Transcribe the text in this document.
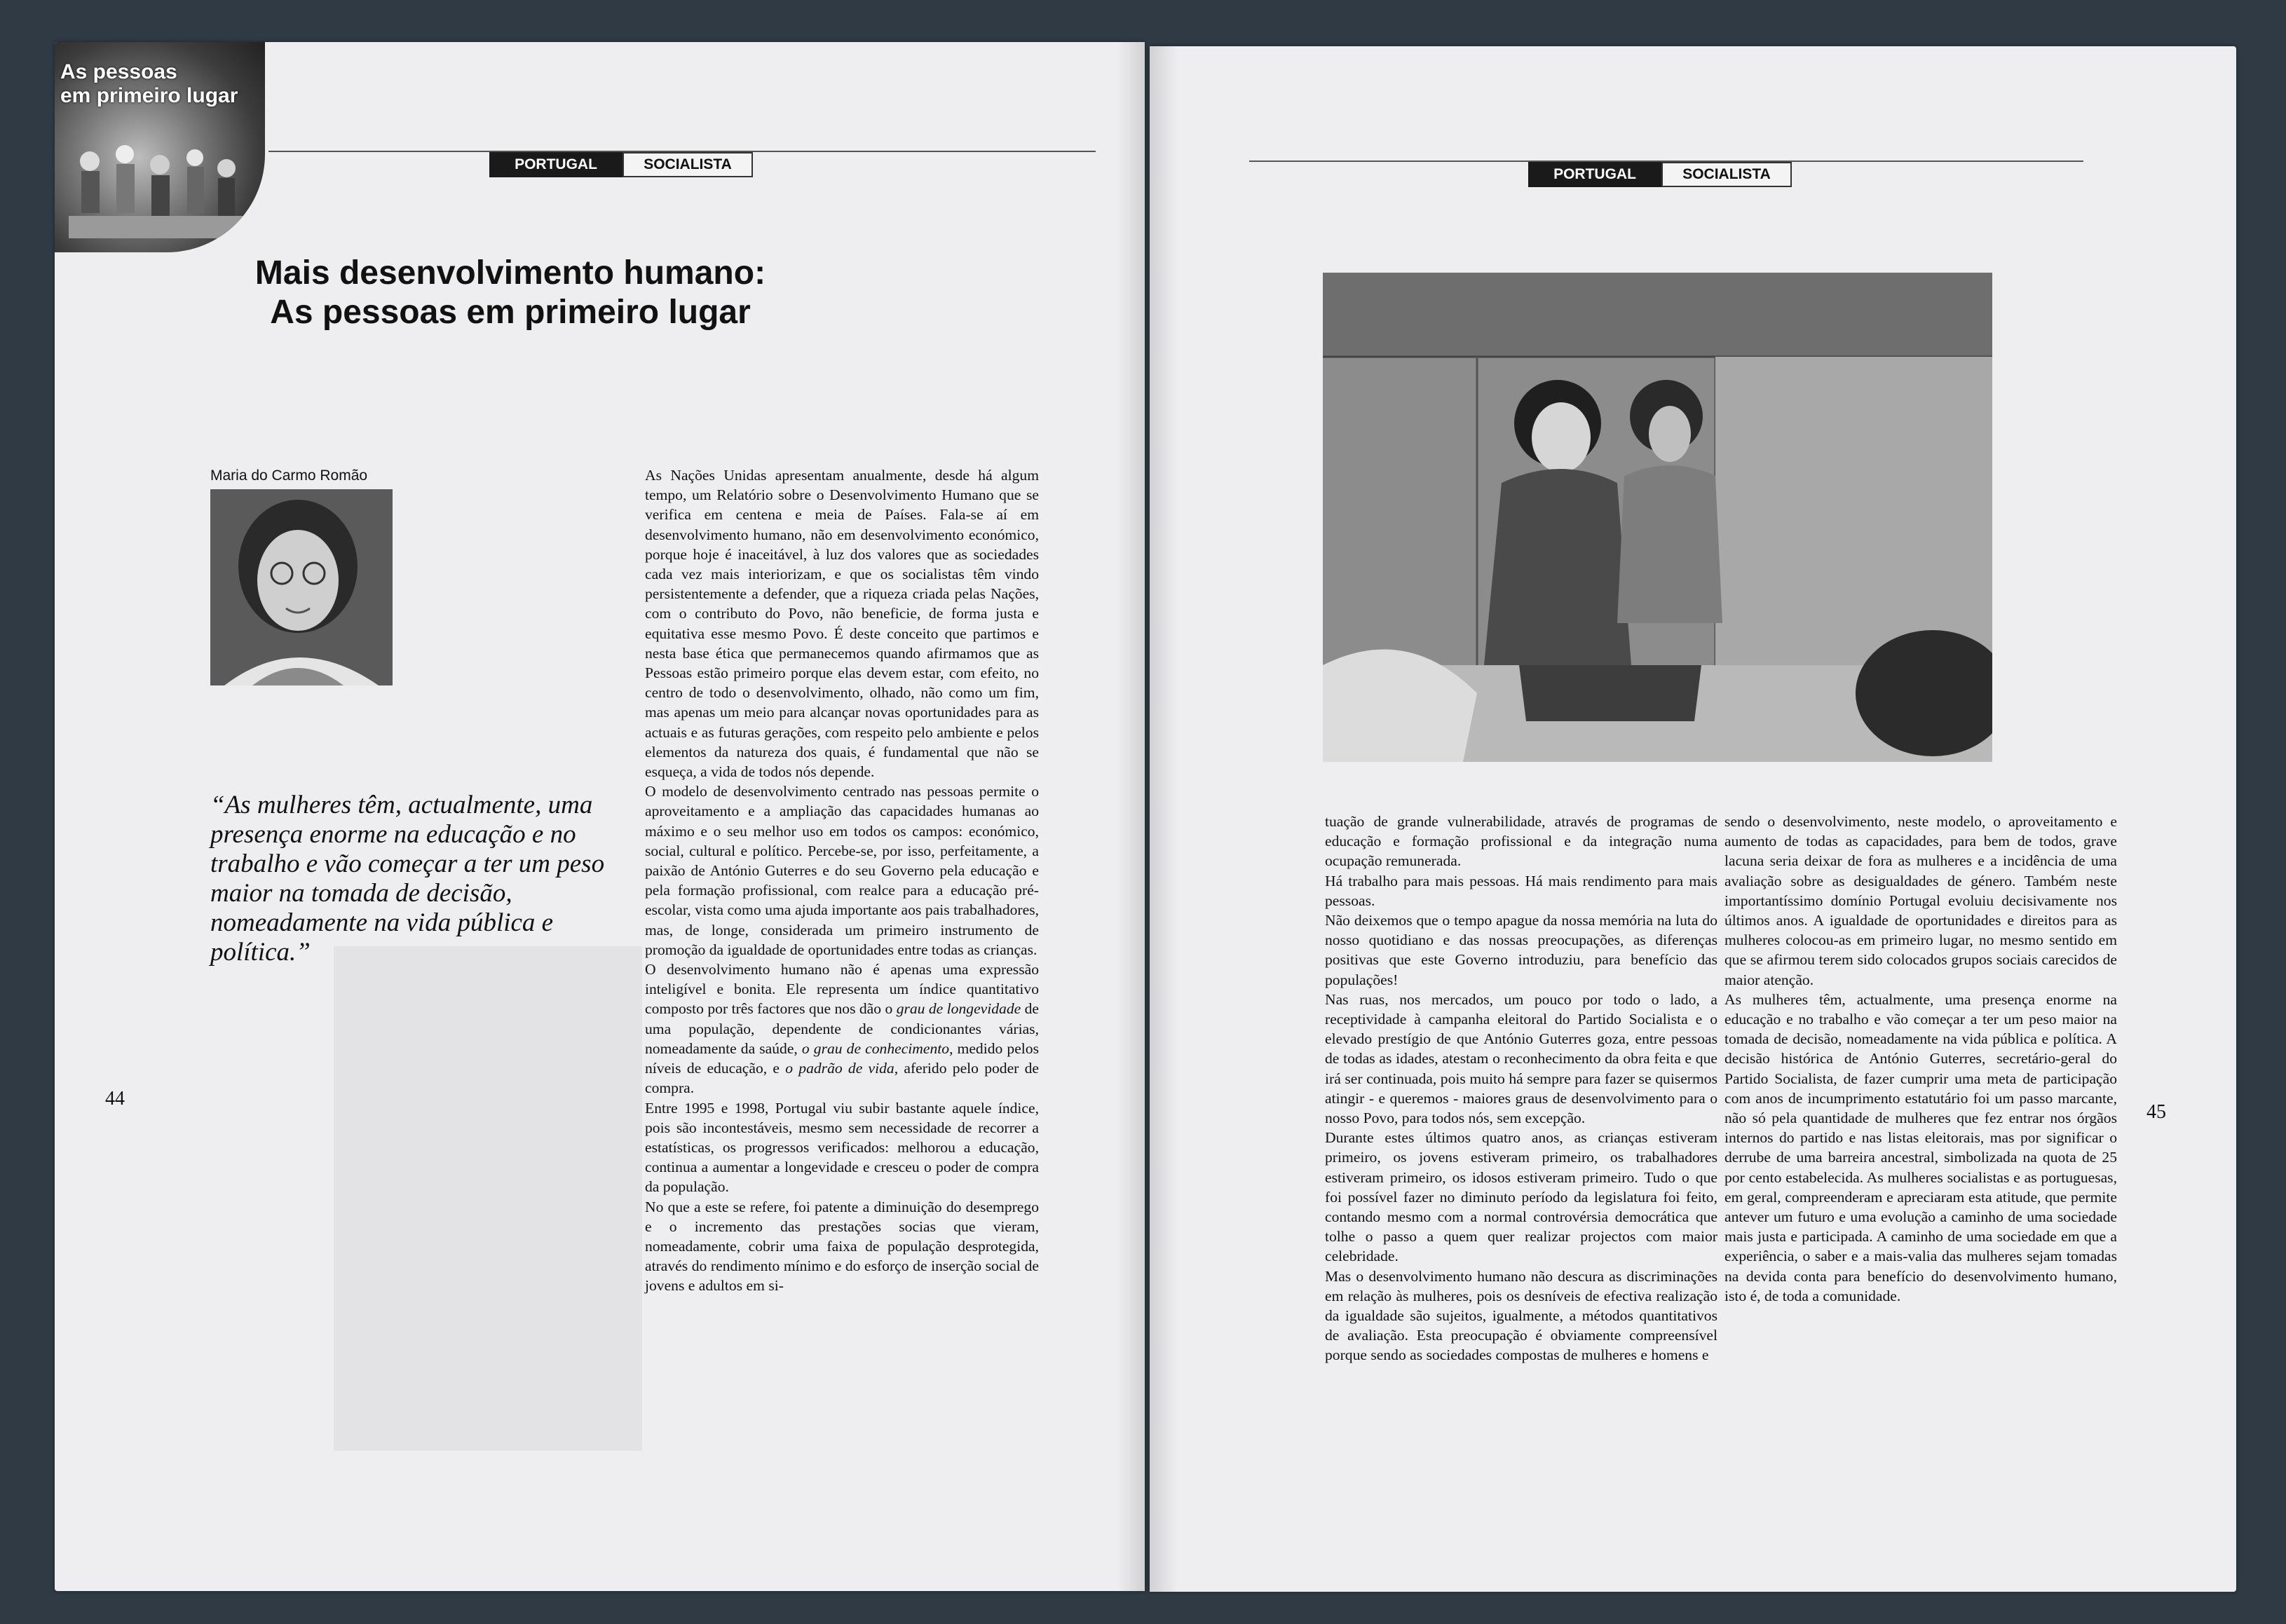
As pessoas
em primeiro lugar
PORTUGAL	SOCIALISTA
Mais desenvolvimento humano:
As pessoas em primeiro lugar
Maria do Carmo Romão
“As mulheres têm, actualmente, uma presença enorme na educação e no trabalho e vão começar a ter um peso maior na tomada de decisão, nomeadamente na vida pública e política.”

As Nações Unidas apresentam anualmente, desde há algum tempo, um Relatório sobre o Desenvolvimento Humano que se verifica em centena e meia de Países. Fala-se aí em desenvolvimento humano, não em desenvolvimento económico, porque hoje é inaceitável, à luz dos valores que as sociedades cada vez mais interiorizam, e que os socialistas têm vindo persistentemente a defender, que a riqueza criada pelas Nações, com o contributo do Povo, não beneficie, de forma justa e equitativa esse mesmo Povo. É deste conceito que partimos e nesta base ética que permanecemos quando afirmamos que as Pessoas estão primeiro porque elas devem estar, com efeito, no centro de todo o desenvolvimento, olhado, não como um fim, mas apenas um meio para alcançar novas oportunidades para as actuais e as futuras gerações, com respeito pelo ambiente e pelos elementos da natureza dos quais, é fundamental que não se esqueça, a vida de todos nós depende.

O modelo de desenvolvimento centrado nas pessoas permite o aproveitamento e a ampliação das capacidades humanas ao máximo e o seu melhor uso em todos os campos: económico, social, cultural e político. Percebe-se, por isso, perfeitamente, a paixão de António Guterres e do seu Governo pela educação e pela formação profissional, com realce para a educação pré-escolar, vista como uma ajuda importante aos pais trabalhadores, mas, de longe, considerada um primeiro instrumento de promoção da igualdade de oportunidades entre todas as crianças.

O desenvolvimento humano não é apenas uma expressão inteligível e bonita. Ele representa um índice quantitativo composto por três factores que nos dão o grau de longevidade de uma população, dependente de condicionantes várias, nomeadamente da saúde, o grau de conhecimento, medido pelos níveis de educação, e o padrão de vida, aferido pelo poder de compra.

Entre 1995 e 1998, Portugal viu subir bastante aquele índice, pois são incontestáveis, mesmo sem necessidade de recorrer a estatísticas, os progressos verificados: melhorou a educação, continua a aumentar a longevidade e cresceu o poder de compra da população.

No que a este se refere, foi patente a diminuição do desemprego e o incremento das prestações socias que vieram, nomeadamente, cobrir uma faixa de população desprotegida, através do rendimento mínimo e do esforço de inserção social de jovens e adultos em si-

44
PORTUGAL	SOCIALISTA

tuação de grande vulnerabilidade, através de programas de educação e formação profissional e da integração numa ocupação remunerada.

Há trabalho para mais pessoas. Há mais rendimento para mais pessoas.

Não deixemos que o tempo apague da nossa memória na luta do nosso quotidiano e das nossas preocupações, as diferenças positivas que este Governo introduziu, para benefício das populações!

Nas ruas, nos mercados, um pouco por todo o lado, a receptividade à campanha eleitoral do Partido Socialista e o elevado prestígio de que António Guterres goza, entre pessoas de todas as idades, atestam o reconhecimento da obra feita e que irá ser continuada, pois muito há sempre para fazer se quisermos atingir - e queremos - maiores graus de desenvolvimento para o nosso Povo, para todos nós, sem excepção.

Durante estes últimos quatro anos, as crianças estiveram primeiro, os jovens estiveram primeiro, os trabalhadores estiveram primeiro, os idosos estiveram primeiro. Tudo o que foi possível fazer no diminuto período da legislatura foi feito, contando mesmo com a normal controvérsia democrática que tolhe o passo a quem quer realizar projectos com maior celebridade.

Mas o desenvolvimento humano não descura as discriminações em relação às mulheres, pois os desníveis de efectiva realização da igualdade são sujeitos, igualmente, a métodos quantitativos de avaliação. Esta preocupação é obviamente compreensível porque sendo as sociedades compostas de mulheres e homens e

sendo o desenvolvimento, neste modelo, o aproveitamento e aumento de todas as capacidades, para bem de todos, grave lacuna seria deixar de fora as mulheres e a incidência de uma avaliação sobre as desigualdades de género. Também neste importantíssimo domínio Portugal evoluiu decisivamente nos últimos anos. A igualdade de oportunidades e direitos para as mulheres colocou-as em primeiro lugar, no mesmo sentido em que se afirmou terem sido colocados grupos sociais carecidos de maior atenção.

As mulheres têm, actualmente, uma presença enorme na educação e no trabalho e vão começar a ter um peso maior na tomada de decisão, nomeadamente na vida pública e política. A decisão histórica de António Guterres, secretário-geral do Partido Socialista, de fazer cumprir uma meta de participação com anos de incumprimento estatutário foi um passo marcante, não só pela quantidade de mulheres que fez entrar nos órgãos internos do partido e nas listas eleitorais, mas por significar o derrube de uma barreira ancestral, simbolizada na quota de 25 por cento estabelecida. As mulheres socialistas e as portuguesas, em geral, compreenderam e apreciaram esta atitude, que permite antever um futuro e uma evolução a caminho de uma sociedade mais justa e participada. A caminho de uma sociedade em que a experiência, o saber e a mais-valia das mulheres sejam tomadas na devida conta para benefício do desenvolvimento humano, isto é, de toda a comunidade.

45
